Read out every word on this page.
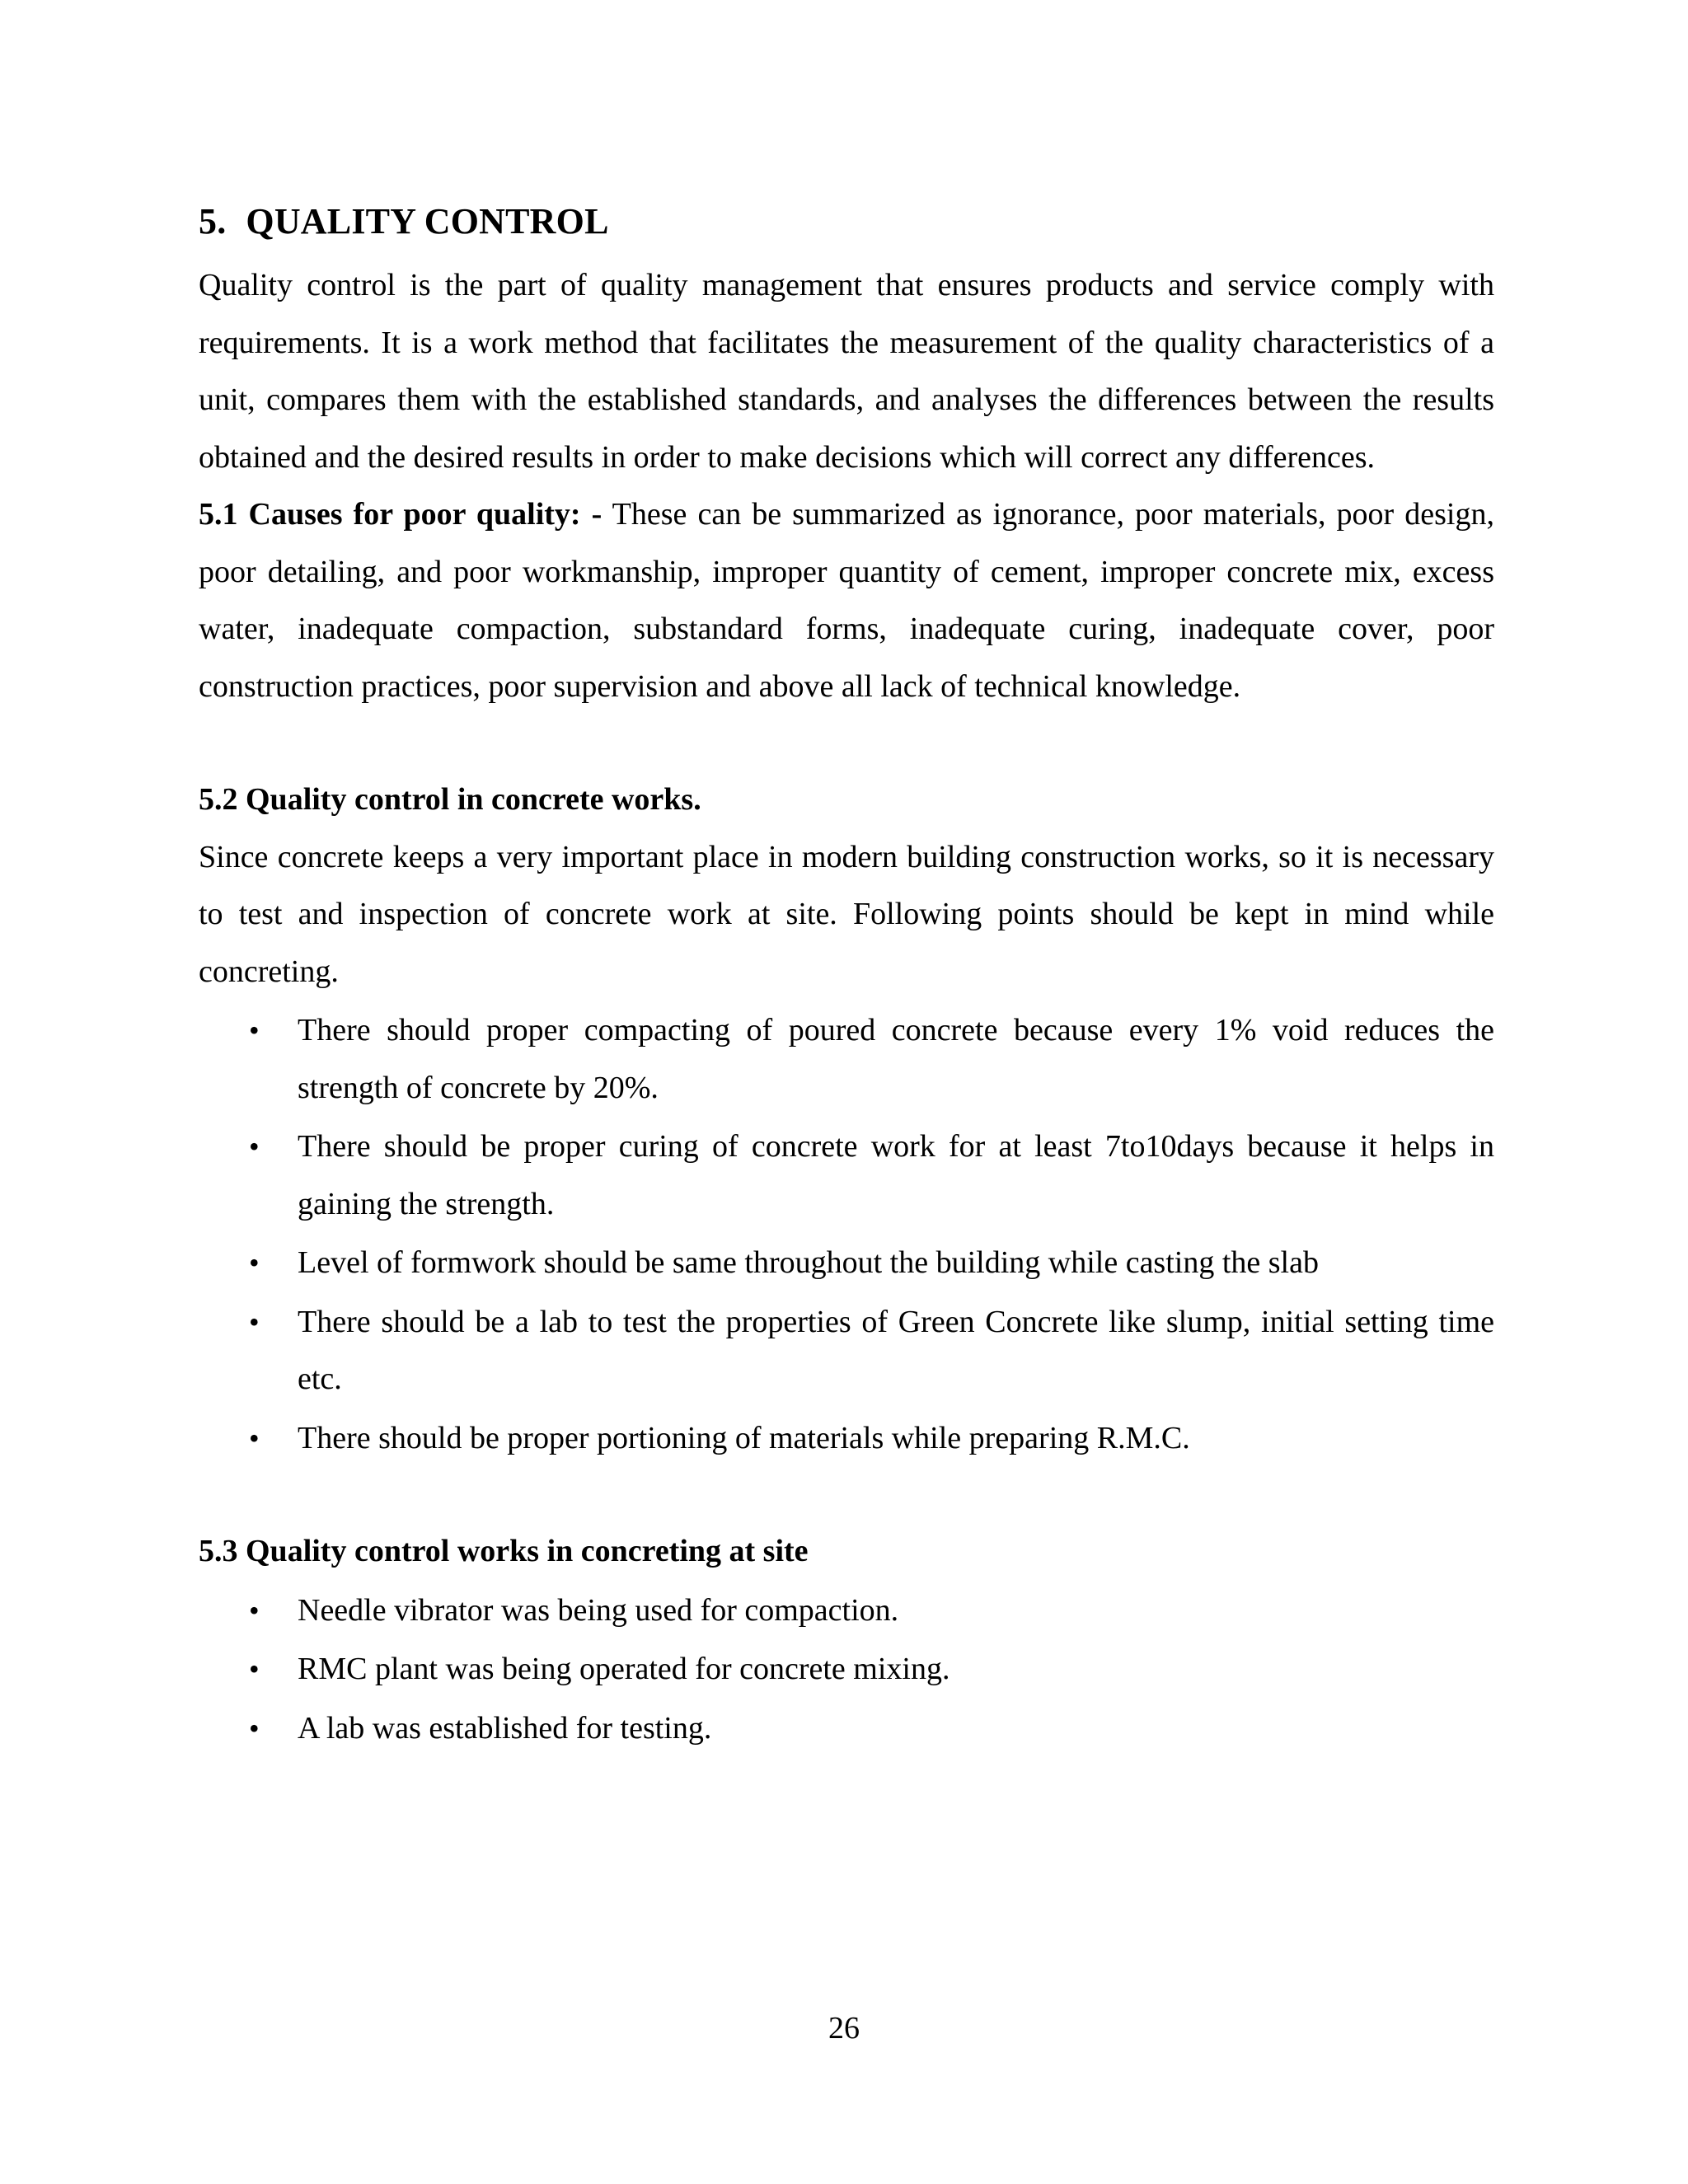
5. QUALITY CONTROL

Quality control is the part of quality management that ensures products and service comply with requirements. It is a work method that facilitates the measurement of the quality characteristics of a unit, compares them with the established standards, and analyses the differences between the results obtained and the desired results in order to make decisions which will correct any differences.

5.1 Causes for poor quality: - These can be summarized as ignorance, poor materials, poor design, poor detailing, and poor workmanship, improper quantity of cement, improper concrete mix, excess water, inadequate compaction, substandard forms, inadequate curing, inadequate cover, poor construction practices, poor supervision and above all lack of technical knowledge.

5.2 Quality control in concrete works.

Since concrete keeps a very important place in modern building construction works, so it is necessary to test and inspection of concrete work at site. Following points should be kept in mind while concreting.

• There should proper compacting of poured concrete because every 1% void reduces the strength of concrete by 20%.
• There should be proper curing of concrete work for at least 7to10days because it helps in gaining the strength.
• Level of formwork should be same throughout the building while casting the slab
• There should be a lab to test the properties of Green Concrete like slump, initial setting time etc.
• There should be proper portioning of materials while preparing R.M.C.
5.3 Quality control works in concreting at site
• Needle vibrator was being used for compaction.
• RMC plant was being operated for concrete mixing.
• A lab was established for testing.
26
